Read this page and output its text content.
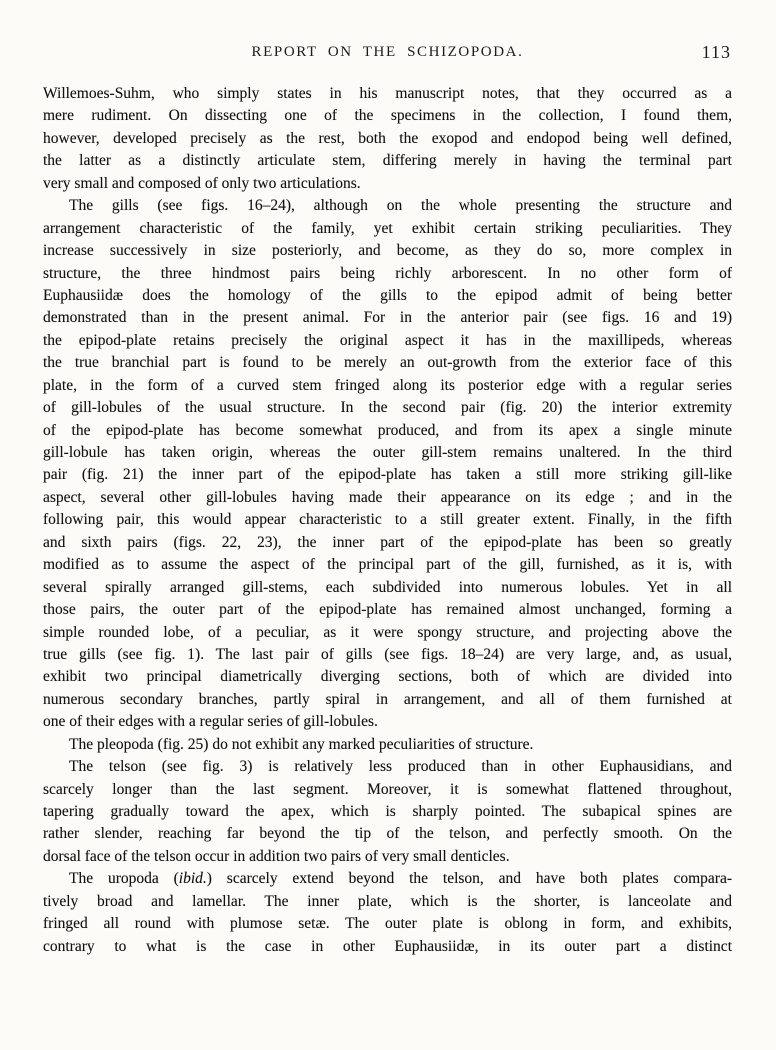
REPORT ON THE SCHIZOPODA.	113
Willemoes-Suhm, who simply states in his manuscript notes, that they occurred as a
mere rudiment. On dissecting one of the specimens in the collection, I found them,
however, developed precisely as the rest, both the exopod and endopod being well defined,
the latter as a distinctly articulate stem, differing merely in having the terminal part
very small and composed of only two articulations.
The gills (see figs. 16–24), although on the whole presenting the structure and
arrangement characteristic of the family, yet exhibit certain striking peculiarities. They
increase successively in size posteriorly, and become, as they do so, more complex in
structure, the three hindmost pairs being richly arborescent. In no other form of
Euphausiidæ does the homology of the gills to the epipod admit of being better
demonstrated than in the present animal. For in the anterior pair (see figs. 16 and 19)
the epipod-plate retains precisely the original aspect it has in the maxillipeds, whereas
the true branchial part is found to be merely an out-growth from the exterior face of this
plate, in the form of a curved stem fringed along its posterior edge with a regular series
of gill-lobules of the usual structure. In the second pair (fig. 20) the interior extremity
of the epipod-plate has become somewhat produced, and from its apex a single minute
gill-lobule has taken origin, whereas the outer gill-stem remains unaltered. In the third
pair (fig. 21) the inner part of the epipod-plate has taken a still more striking gill-like
aspect, several other gill-lobules having made their appearance on its edge ; and in the
following pair, this would appear characteristic to a still greater extent. Finally, in the fifth
and sixth pairs (figs. 22, 23), the inner part of the epipod-plate has been so greatly
modified as to assume the aspect of the principal part of the gill, furnished, as it is, with
several spirally arranged gill-stems, each subdivided into numerous lobules. Yet in all
those pairs, the outer part of the epipod-plate has remained almost unchanged, forming a
simple rounded lobe, of a peculiar, as it were spongy structure, and projecting above the
true gills (see fig. 1). The last pair of gills (see figs. 18–24) are very large, and, as usual,
exhibit two principal diametrically diverging sections, both of which are divided into
numerous secondary branches, partly spiral in arrangement, and all of them furnished at
one of their edges with a regular series of gill-lobules.
The pleopoda (fig. 25) do not exhibit any marked peculiarities of structure.
The telson (see fig. 3) is relatively less produced than in other Euphausidians, and
scarcely longer than the last segment. Moreover, it is somewhat flattened throughout,
tapering gradually toward the apex, which is sharply pointed. The subapical spines are
rather slender, reaching far beyond the tip of the telson, and perfectly smooth. On the
dorsal face of the telson occur in addition two pairs of very small denticles.
The uropoda (ibid.) scarcely extend beyond the telson, and have both plates compara-
tively broad and lamellar. The inner plate, which is the shorter, is lanceolate and
fringed all round with plumose setæ. The outer plate is oblong in form, and exhibits,
contrary to what is the case in other Euphausiidæ, in its outer part a distinct
